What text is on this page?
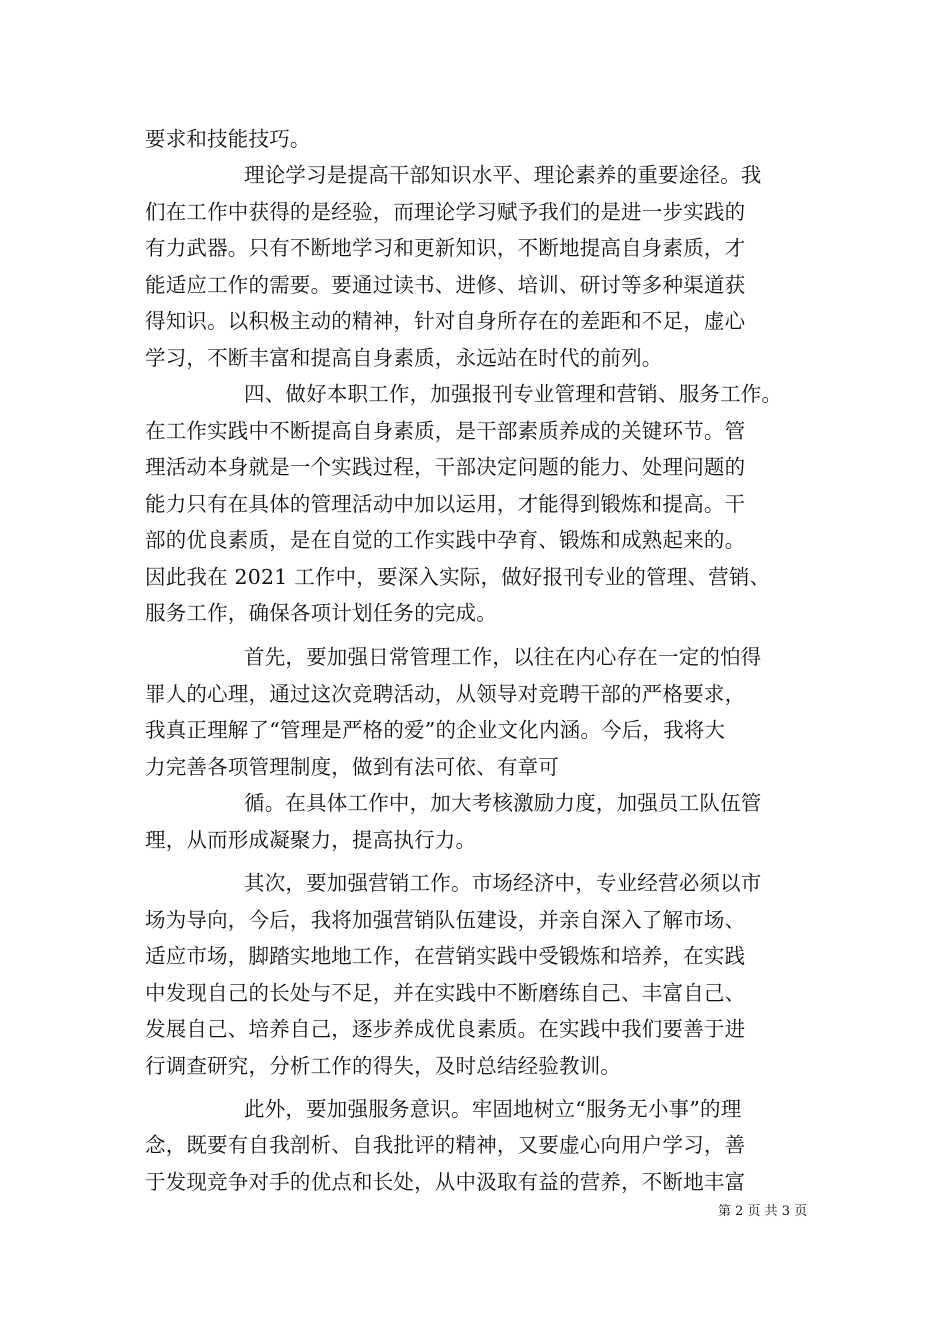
要求和技能技巧。
理论学习是提高干部知识水平、理论素养的重要途径。我
们在工作中获得的是经验，而理论学习赋予我们的是进一步实践的
有力武器。只有不断地学习和更新知识，不断地提高自身素质，才
能适应工作的需要。要通过读书、进修、培训、研讨等多种渠道获
得知识。以积极主动的精神，针对自身所存在的差距和不足，虚心
学习，不断丰富和提高自身素质，永远站在时代的前列。
四、做好本职工作，加强报刊专业管理和营销、服务工作。
在工作实践中不断提高自身素质，是干部素质养成的关键环节。管
理活动本身就是一个实践过程，干部决定问题的能力、处理问题的
能力只有在具体的管理活动中加以运用，才能得到锻炼和提高。干
部的优良素质，是在自觉的工作实践中孕育、锻炼和成熟起来的。
因此我在 2021 工作中，要深入实际，做好报刊专业的管理、营销、
服务工作，确保各项计划任务的完成。
首先，要加强日常管理工作，以往在内心存在一定的怕得
罪人的心理，通过这次竞聘活动，从领导对竞聘干部的严格要求，
我真正理解了“管理是严格的爱”的企业文化内涵。今后，我将大
力完善各项管理制度，做到有法可依、有章可
循。在具体工作中，加大考核激励力度，加强员工队伍管
理，从而形成凝聚力，提高执行力。
其次，要加强营销工作。市场经济中，专业经营必须以市
场为导向，今后，我将加强营销队伍建设，并亲自深入了解市场、
适应市场，脚踏实地地工作，在营销实践中受锻炼和培养，在实践
中发现自己的长处与不足，并在实践中不断磨练自己、丰富自己、
发展自己、培养自己，逐步养成优良素质。在实践中我们要善于进
行调查研究，分析工作的得失，及时总结经验教训。
此外，要加强服务意识。牢固地树立“服务无小事”的理
念，既要有自我剖析、自我批评的精神，又要虚心向用户学习，善
于发现竞争对手的优点和长处，从中汲取有益的营养，不断地丰富
第 2 页 共 3 页
